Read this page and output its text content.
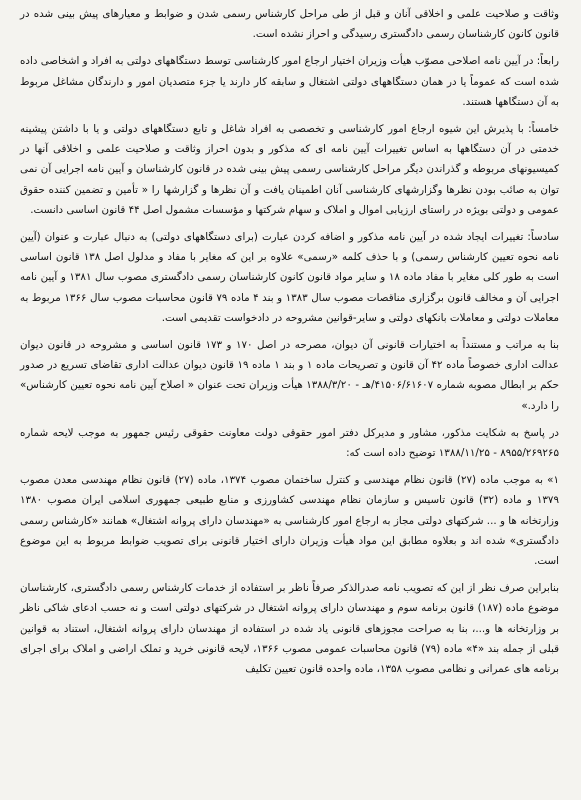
وثاقت و صلاحیت علمی و اخلاقی آنان و قبل از طی مراحل کارشناس رسمی شدن و ضوابط و معیارهای پیش بینی شده در قانون کانون کارشناسان رسمی دادگستری رسیدگی و احراز نشده است.

رابعاً: در آیین نامه اصلاحی مصوّب هیأت وزیران اختیار ارجاع امور کارشناسی توسط دستگاههای دولتی به افراد و اشخاصی داده شده است که عموماً یا در همان دستگاههای دولتی اشتغال و سابقه کار دارند یا جزء متصدیان امور و دارندگان مشاغل مربوط به آن دستگاهها هستند.

خامساً: با پذیرش این شیوه ارجاع امور کارشناسی و تخصصی به افراد شاغل و تابع دستگاههای دولتی و یا با داشتن پیشینه خدمتی در آن دستگاهها به اساس تغییرات آیین نامه ای که مذکور و بدون احراز وثاقت و صلاحیت علمی و اخلاقی آنها در کمیسیونهای مربوطه و گذراندن دیگر مراحل کارشناسی رسمی پیش بینی شده در قانون کارشناسان و آیین نامه اجرایی آن نمی توان به صائب بودن نظرها وگزارشهای کارشناسی آنان اطمینان یافت و آن نظرها و گزارشها را « تأمین و تضمین کننده حقوق عمومی و دولتی بویژه در راستای ارزیابی اموال و املاک و سهام شرکتها و مؤسسات مشمول اصل ۴۴ قانون اساسی دانست.

سادساً: تغییرات ایجاد شده در آیین نامه مذکور و اضافه کردن عبارت (برای دستگاههای دولتی) به دنبال عبارت و عنوان (آیین نامه نحوه تعیین کارشناس رسمی) و با حذف کلمه «رسمی» علاوه بر این که مغایر با مفاد و مدلول اصل ۱۳۸ قانون اساسی است به طور کلی مغایر با مفاد ماده ۱۸ و سایر مواد قانون کانون کارشناسان رسمی دادگستری مصوب سال ۱۳۸۱ و آیین نامه اجرایی آن و مخالف قانون برگزاری مناقصات مصوب سال ۱۳۸۳ و بند ۴ ماده ۷۹ قانون محاسبات مصوب سال ۱۳۶۶ مربوط به معاملات دولتی و معاملات بانکهای دولتی و سایر-قوانین مشروحه در دادخواست تقدیمی است.

بنا به مراتب و مستنداً به اختیارات قانونی آن دیوان، مصرحه در اصل ۱۷۰ و ۱۷۳ قانون اساسی و مشروحه در قانون دیوان عدالت اداری خصوصاً ماده ۴۲ آن قانون و تصریحات ماده ۱ و بند ۱ ماده ۱۹ قانون دیوان عدالت اداری تقاضای تسریع در صدور حکم بر ابطال مصوبه شماره ۴۱۵۰۶/۶۱۶۰۷/هـ - ۱۳۸۸/۳/۲۰ هیأت وزیران تحت عنوان « اصلاح آیین نامه نحوه تعیین کارشناس» را دارد.»

در پاسخ به شکایت مذکور، مشاور و مدیرکل دفتر امور حقوقی دولت معاونت حقوقی رئیس جمهور به موجب لایحه شماره ۸۹۵۵/۲۶۹۲۶۵ - ۱۳۸۸/۱۱/۲۵ توضیح داده است که:

۱» به موجب ماده (۲۷) قانون نظام مهندسی و کنترل ساختمان مصوب ۱۳۷۴، ماده (۲۷) قانون نظام مهندسی معدن مصوب ۱۳۷۹ و ماده (۳۲) قانون تاسیس و سازمان نظام مهندسی کشاورزی و منابع طبیعی جمهوری اسلامی ایران مصوب ۱۳۸۰ وزارتخانه ها و ... شرکتهای دولتی مجاز به ارجاع امور کارشناسی به «مهندسان دارای پروانه اشتغال» همانند «کارشناس رسمی دادگستری» شده اند و بعلاوه مطابق این مواد هیأت وزیران دارای اختیار قانونی برای تصویب ضوابط مربوط به این موضوع است.

بنابراین صرف نظر از این که تصویب نامه صدرالذکر صرفاً ناظر بر استفاده از خدمات کارشناس رسمی دادگستری، کارشناسان موضوع ماده (۱۸۷) قانون برنامه سوم و مهندسان دارای پروانه اشتغال در شرکتهای دولتی است و نه حسب ادعای شاکی ناظر بر وزارتخانه ها و...، بنا به صراحت مجوزهای قانونی یاد شده در استفاده از مهندسان دارای پروانه اشتغال، استناد به قوانین قبلی از جمله بند «۴» ماده (۷۹) قانون محاسبات عمومی مصوب ۱۳۶۶، لایحه قانونی خرید و تملک اراضی و املاک برای اجرای برنامه های عمرانی و نظامی مصوب ۱۳۵۸، ماده واحده قانون تعیین تکلیف
